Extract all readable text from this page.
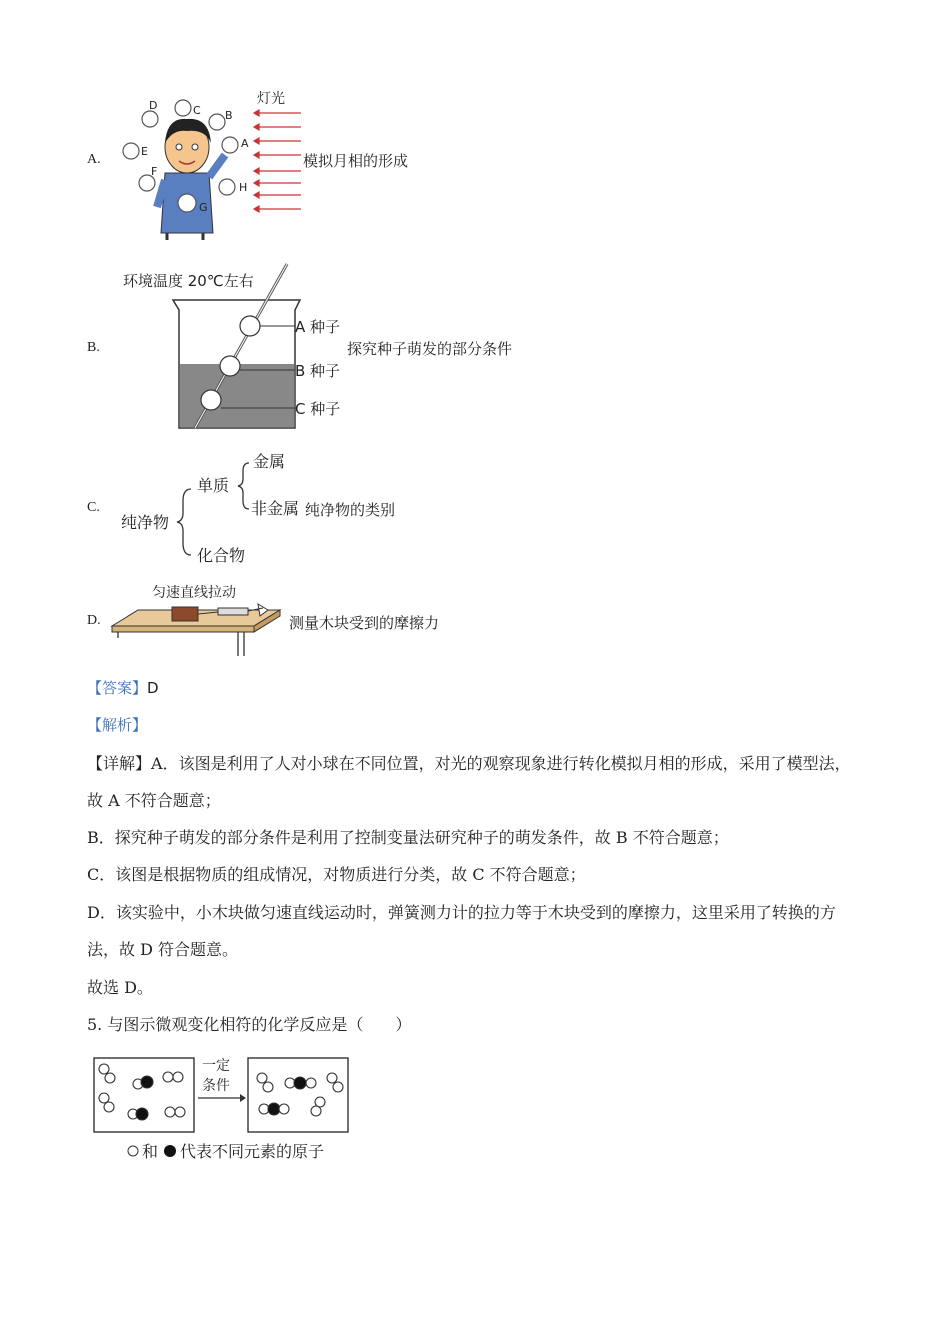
A.
D	C B
A
E
F
H
G
灯光
模拟月相的形成
B.
环境温度 20℃左右
A 种子
B 种子
C 种子
探究种子萌发的部分条件
C.
纯净物
单质
金属
非金属
化合物
纯净物的类别
D.
匀速直线拉动
测量木块受到的摩擦力
【答案】D
【解析】
【详解】A．该图是利用了人对小球在不同位置，对光的观察现象进行转化模拟月相的形成，采用了模型法，
故 A 不符合题意；
B．探究种子萌发的部分条件是利用了控制变量法研究种子的萌发条件，故 B 不符合题意；
C．该图是根据物质的组成情况，对物质进行分类，故 C 不符合题意；
D．该实验中，小木块做匀速直线运动时，弹簧测力计的拉力等于木块受到的摩擦力，这里采用了转换的方
法，故 D 符合题意。
故选 D。
5. 与图示微观变化相符的化学反应是（　　）
一定
条件
和 代表不同元素的原子
